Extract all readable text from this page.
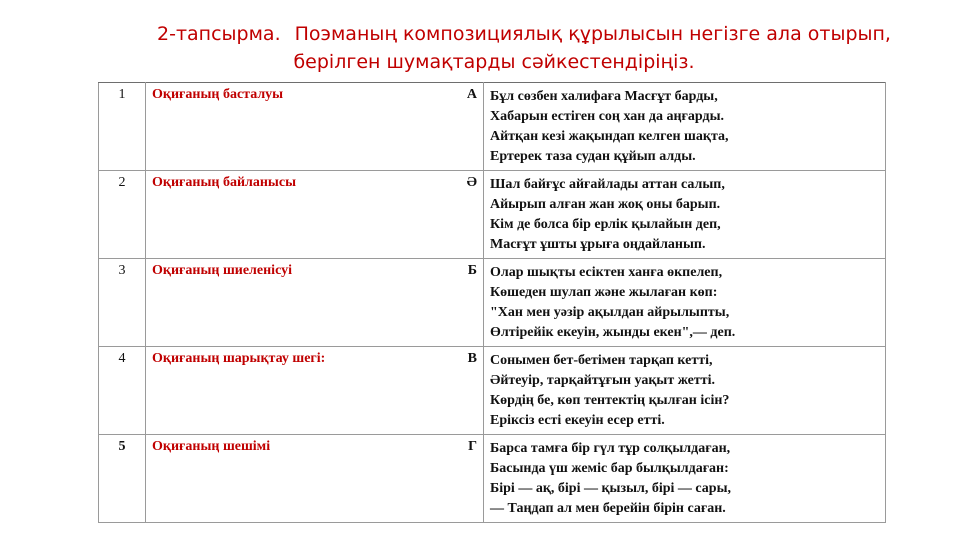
2-тапсырма. Поэманың композициялық құрылысын негізге ала отырып,
берілген шумақтарды сәйкестендіріңіз.
1	Оқиғаның басталуы А	Бұл сөзбен халифаға Масғұт барды,
Хабарын естіген соң хан да аңғарды.
Айтқан кезі жақындап келген шақта,
Ертерек таза судан құйып алды.

2	Оқиғаның байланысы Ә	Шал байғұс айғайлады аттан салып,
Айырып алған жан жоқ оны барып.
Кім де болса бір ерлік қылайын деп,
Масғұт ұшты ұрыға оңдайланып.

3	Оқиғаның шиеленісуі Б	Олар шықты есіктен ханға өкпелеп,
Көшеден шулап және жылаған көп:
"Хан мен уәзір ақылдан айрылыпты,
Өлтірейік екеуін, жынды екен",— деп.

4	Оқиғаның шарықтау шегі: В	Сонымен бет-бетімен тарқап кетті,
Әйтеуір, тарқайтұғын уақыт жетті.
Көрдің бе, көп тентектің қылған ісін?
Еріксіз есті екеуін есер етті.

5	Оқиғаның шешімі Г	Барса тамға бір гүл тұр солқылдаған,
Басында үш жеміс бар былқылдаған:
Бірі — ақ, бірі — қызыл, бірі — сары,
— Таңдап ал мен берейін бірін саған.
